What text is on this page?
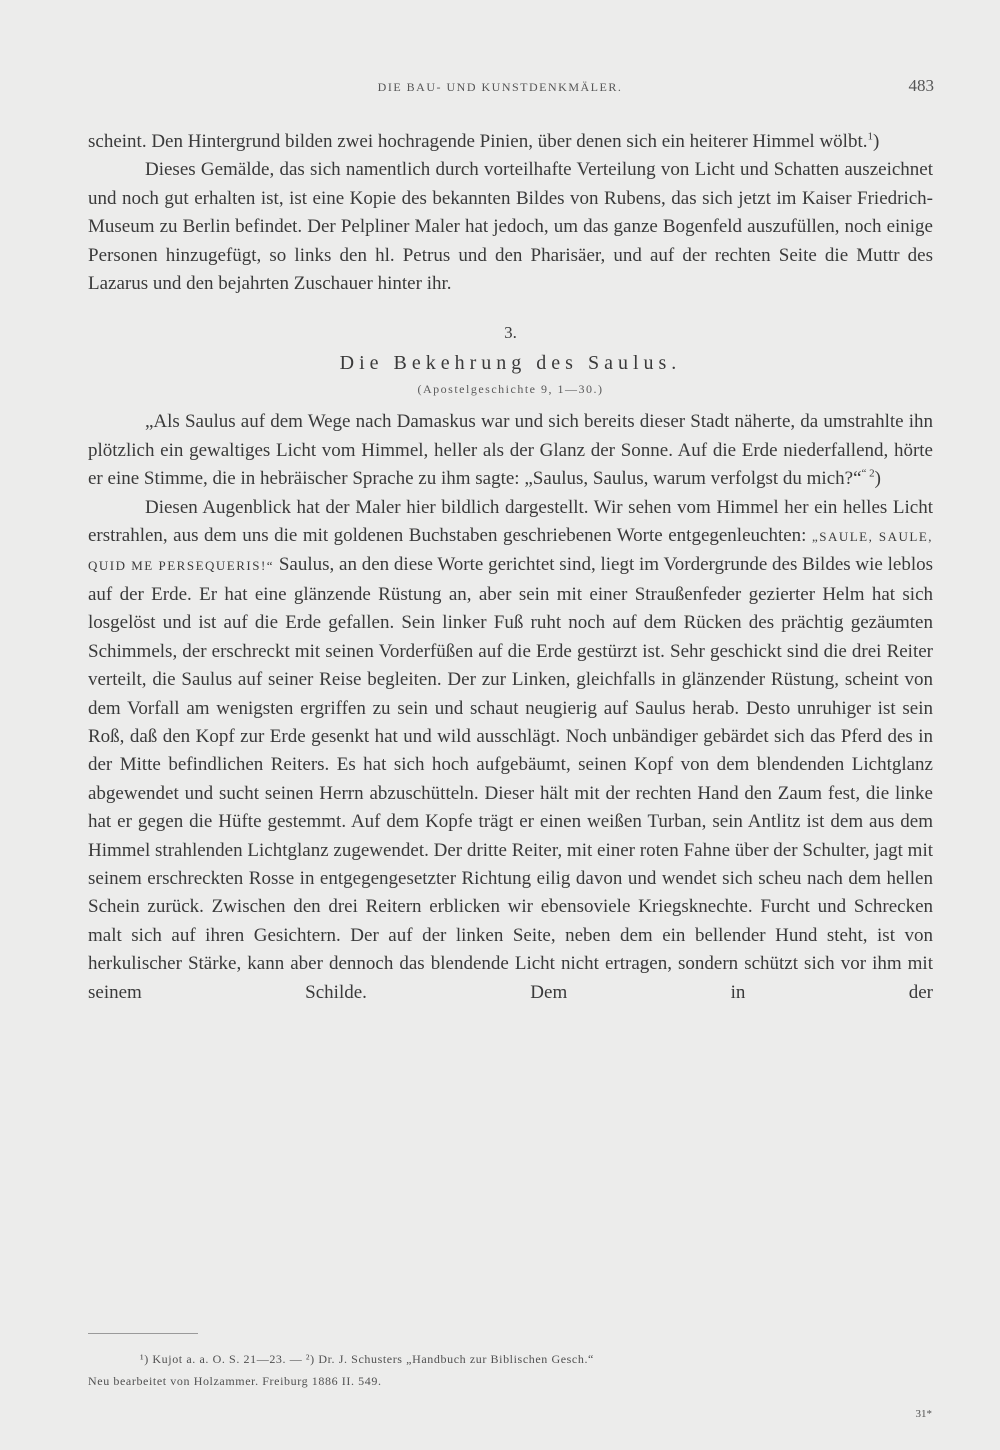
DIE BAU- UND KUNSTDENKMÄLER.	483

scheint. Den Hintergrund bilden zwei hochragende Pinien, über denen sich ein heiterer Himmel wölbt.$^1$)

Dieses Gemälde, das sich namentlich durch vorteilhafte Verteilung von Licht und Schatten auszeichnet und noch gut erhalten ist, ist eine Kopie des bekannten Bildes von Rubens, das sich jetzt im Kaiser Friedrich-Museum zu Berlin befindet. Der Pelpliner Maler hat jedoch, um das ganze Bogenfeld auszufüllen, noch einige Personen hinzugefügt, so links den hl. Petrus und den Pharisäer, und auf der rechten Seite die Muttr des Lazarus und den bejahrten Zuschauer hinter ihr.

3.
Die Bekehrung des Saulus.
(Apostelgeschichte 9, 1—30.)

„Als Saulus auf dem Wege nach Damaskus war und sich bereits dieser Stadt näherte, da umstrahlte ihn plötzlich ein gewaltiges Licht vom Himmel, heller als der Glanz der Sonne. Auf die Erde niederfallend, hörte er eine Stimme, die in hebräischer Sprache zu ihm sagte: „Saulus, Saulus, warum verfolgst du mich?“$^{“ 2}$)

Diesen Augenblick hat der Maler hier bildlich dargestellt. Wir sehen vom Himmel her ein helles Licht erstrahlen, aus dem uns die mit goldenen Buchstaben geschriebenen Worte entgegenleuchten: „SAULE, SAULE, QUID ME PERSEQUERIS!“ Saulus, an den diese Worte gerichtet sind, liegt im Vordergrunde des Bildes wie leblos auf der Erde. Er hat eine glänzende Rüstung an, aber sein mit einer Straußenfeder gezierter Helm hat sich losgelöst und ist auf die Erde gefallen. Sein linker Fuß ruht noch auf dem Rücken des prächtig gezäumten Schimmels, der erschreckt mit seinen Vorderfüßen auf die Erde gestürzt ist. Sehr geschickt sind die drei Reiter verteilt, die Saulus auf seiner Reise begleiten. Der zur Linken, gleichfalls in glänzender Rüstung, scheint von dem Vorfall am wenigsten ergriffen zu sein und schaut neugierig auf Saulus herab. Desto unruhiger ist sein Roß, daß den Kopf zur Erde gesenkt hat und wild ausschlägt. Noch unbändiger gebärdet sich das Pferd des in der Mitte befindlichen Reiters. Es hat sich hoch aufgebäumt, seinen Kopf von dem blendenden Lichtglanz abgewendet und sucht seinen Herrn abzuschütteln. Dieser hält mit der rechten Hand den Zaum fest, die linke hat er gegen die Hüfte gestemmt. Auf dem Kopfe trägt er einen weißen Turban, sein Antlitz ist dem aus dem Himmel strahlenden Lichtglanz zugewendet. Der dritte Reiter, mit einer roten Fahne über der Schulter, jagt mit seinem erschreckten Rosse in entgegengesetzter Richtung eilig davon und wendet sich scheu nach dem hellen Schein zurück. Zwischen den drei Reitern erblicken wir ebensoviele Kriegsknechte. Furcht und Schrecken malt sich auf ihren Gesichtern. Der auf der linken Seite, neben dem ein bellender Hund steht, ist von herkulischer Stärke, kann aber dennoch das blendende Licht nicht ertragen, sondern schützt sich vor ihm mit seinem Schilde. Dem in der

¹) Kujot a. a. O. S. 21—23. — ²) Dr. J. Schusters „Handbuch zur Biblischen Gesch.“
Neu bearbeitet von Holzammer. Freiburg 1886 II. 549.
31*
